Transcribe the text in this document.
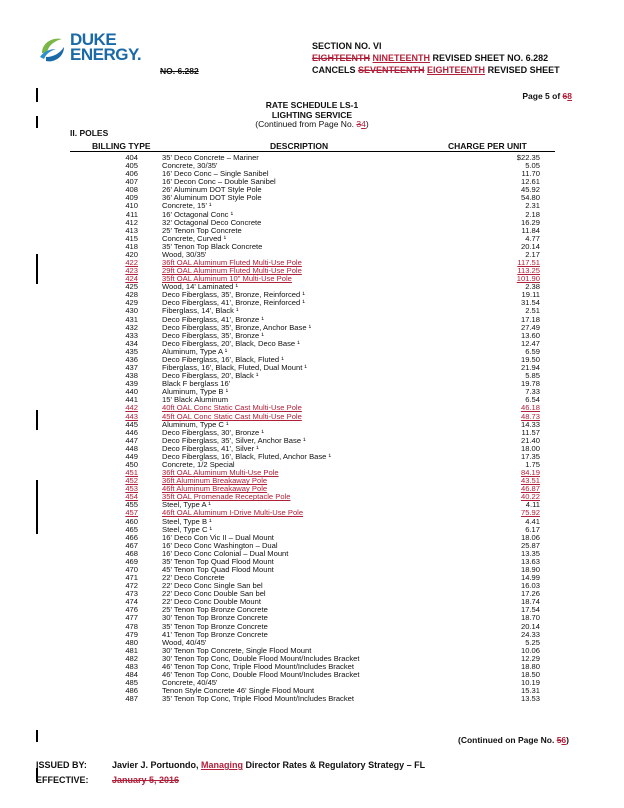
DUKE
ENERGY.	SECTION NO. VI
EIGHTEENTH NINETEENTH REVISED SHEET NO. 6.282
CANCELS SEVENTEENTH EIGHTEENTH REVISED SHEET
NO. 6.282
Page 5 of 68
RATE SCHEDULE LS-1
LIGHTING SERVICE
(Continued from Page No. 34)
II. POLES
BILLING TYPE	DESCRIPTION	CHARGE PER UNIT
404	35' Deco Concrete – Mariner	$22.35
405	Concrete, 30/35'	5.05
406	16' Deco Conc – Single Sanibel	11.70
407	16' Decon Conc – Double Sanibel	12.61
408	26' Aluminum DOT Style Pole	45.92
409	36' Aluminum DOT Style Pole	54.80
410	Concrete, 15' ¹	2.31
411	16' Octagonal Conc ¹	2.18
412	32' Octagonal Deco Concrete	16.29
413	25' Tenon Top Concrete	11.84
415	Concrete, Curved ¹	4.77
418	35' Tenon Top Black Concrete	20.14
420	Wood, 30/35'	2.17
422	36ft OAL Aluminum Fluted Multi-Use Pole	117.51
423	29ft OAL Aluminum Fluted Multi-Use Pole	113.25
424	35ft OAL Aluminum 10" Multi-Use Pole	101.90
425	Wood, 14' Laminated ¹	2.38
428	Deco Fiberglass, 35', Bronze, Reinforced ¹	19.11
429	Deco Fiberglass, 41', Bronze, Reinforced ¹	31.54
430	Fiberglass, 14', Black ¹	2.51
431	Deco Fiberglass, 41', Bronze ¹	17.18
432	Deco Fiberglass, 35', Bronze, Anchor Base ¹	27.49
433	Deco Fiberglass, 35', Bronze ¹	13.60
434	Deco Fiberglass, 20', Black, Deco Base ¹	12.47
435	Aluminum, Type A ¹	6.59
436	Deco Fiberglass, 16', Black, Fluted ¹	19.50
437	Fiberglass, 16', Black, Fluted, Dual Mount ¹	21.94
438	Deco Fiberglass, 20', Black ¹	5.85
439	Black F berglass 16'	19.78
440	Aluminum, Type B ¹	7.33
441	15' Black Aluminum	6.54
442	40ft OAL Conc Static Cast Multi-Use Pole	46.18
443	45ft OAL Conc Static Cast Multi-Use Pole	48.73
445	Aluminum, Type C ¹	14.33
446	Deco Fiberglass, 30', Bronze ¹	11.57
447	Deco Fiberglass, 35', Silver, Anchor Base ¹	21.40
448	Deco Fiberglass, 41', Silver ¹	18.00
449	Deco Fiberglass, 16', Black, Fluted, Anchor Base ¹	17.35
450	Concrete, 1/2 Special	1.75
451	36ft OAL Aluminum Multi-Use Pole	84.19
452	36ft Aluminum Breakaway Pole	43.51
453	46ft Aluminum Breakaway Pole	46.87
454	35ft OAL Promenade Receptacle Pole	40.22
455	Steel, Type A ¹	4.11
457	46ft OAL Aluminum I-Drive Multi-Use Pole	75.92
460	Steel, Type B ¹	4.41
465	Steel, Type C ¹	6.17
466	16' Deco Con Vic II – Dual Mount	18.06
467	16' Deco Conc Washington – Dual	25.87
468	16' Deco Conc Colonial – Dual Mount	13.35
469	35' Tenon Top Quad Flood Mount	13.63
470	45' Tenon Top Quad Flood Mount	18.90
471	22' Deco Concrete	14.99
472	22' Deco Conc Single San bel	16.03
473	22' Deco Conc Double San bel	17.26
474	22' Deco Conc Double Mount	18.74
476	25' Tenon Top Bronze Concrete	17.54
477	30' Tenon Top Bronze Concrete	18.70
478	35' Tenon Top Bronze Concrete	20.14
479	41' Tenon Top Bronze Concrete	24.33
480	Wood, 40/45'	5.25
481	30' Tenon Top Concrete, Single Flood Mount	10.06
482	30' Tenon Top Conc, Double Flood Mount/Includes Bracket	12.29
483	46' Tenon Top Conc, Triple Flood Mount/Includes Bracket	18.80
484	46' Tenon Top Conc, Double Flood Mount/Includes Bracket	18.50
485	Concrete, 40/45'	10.19
486	Tenon Style Concrete 46' Single Flood Mount	15.31
487	35' Tenon Top Conc, Triple Flood Mount/Includes Bracket	13.53
(Continued on Page No. 56)
ISSUED BY:	Javier J. Portuondo, Managing Director Rates & Regulatory Strategy – FL
EFFECTIVE:	January 5, 2016
